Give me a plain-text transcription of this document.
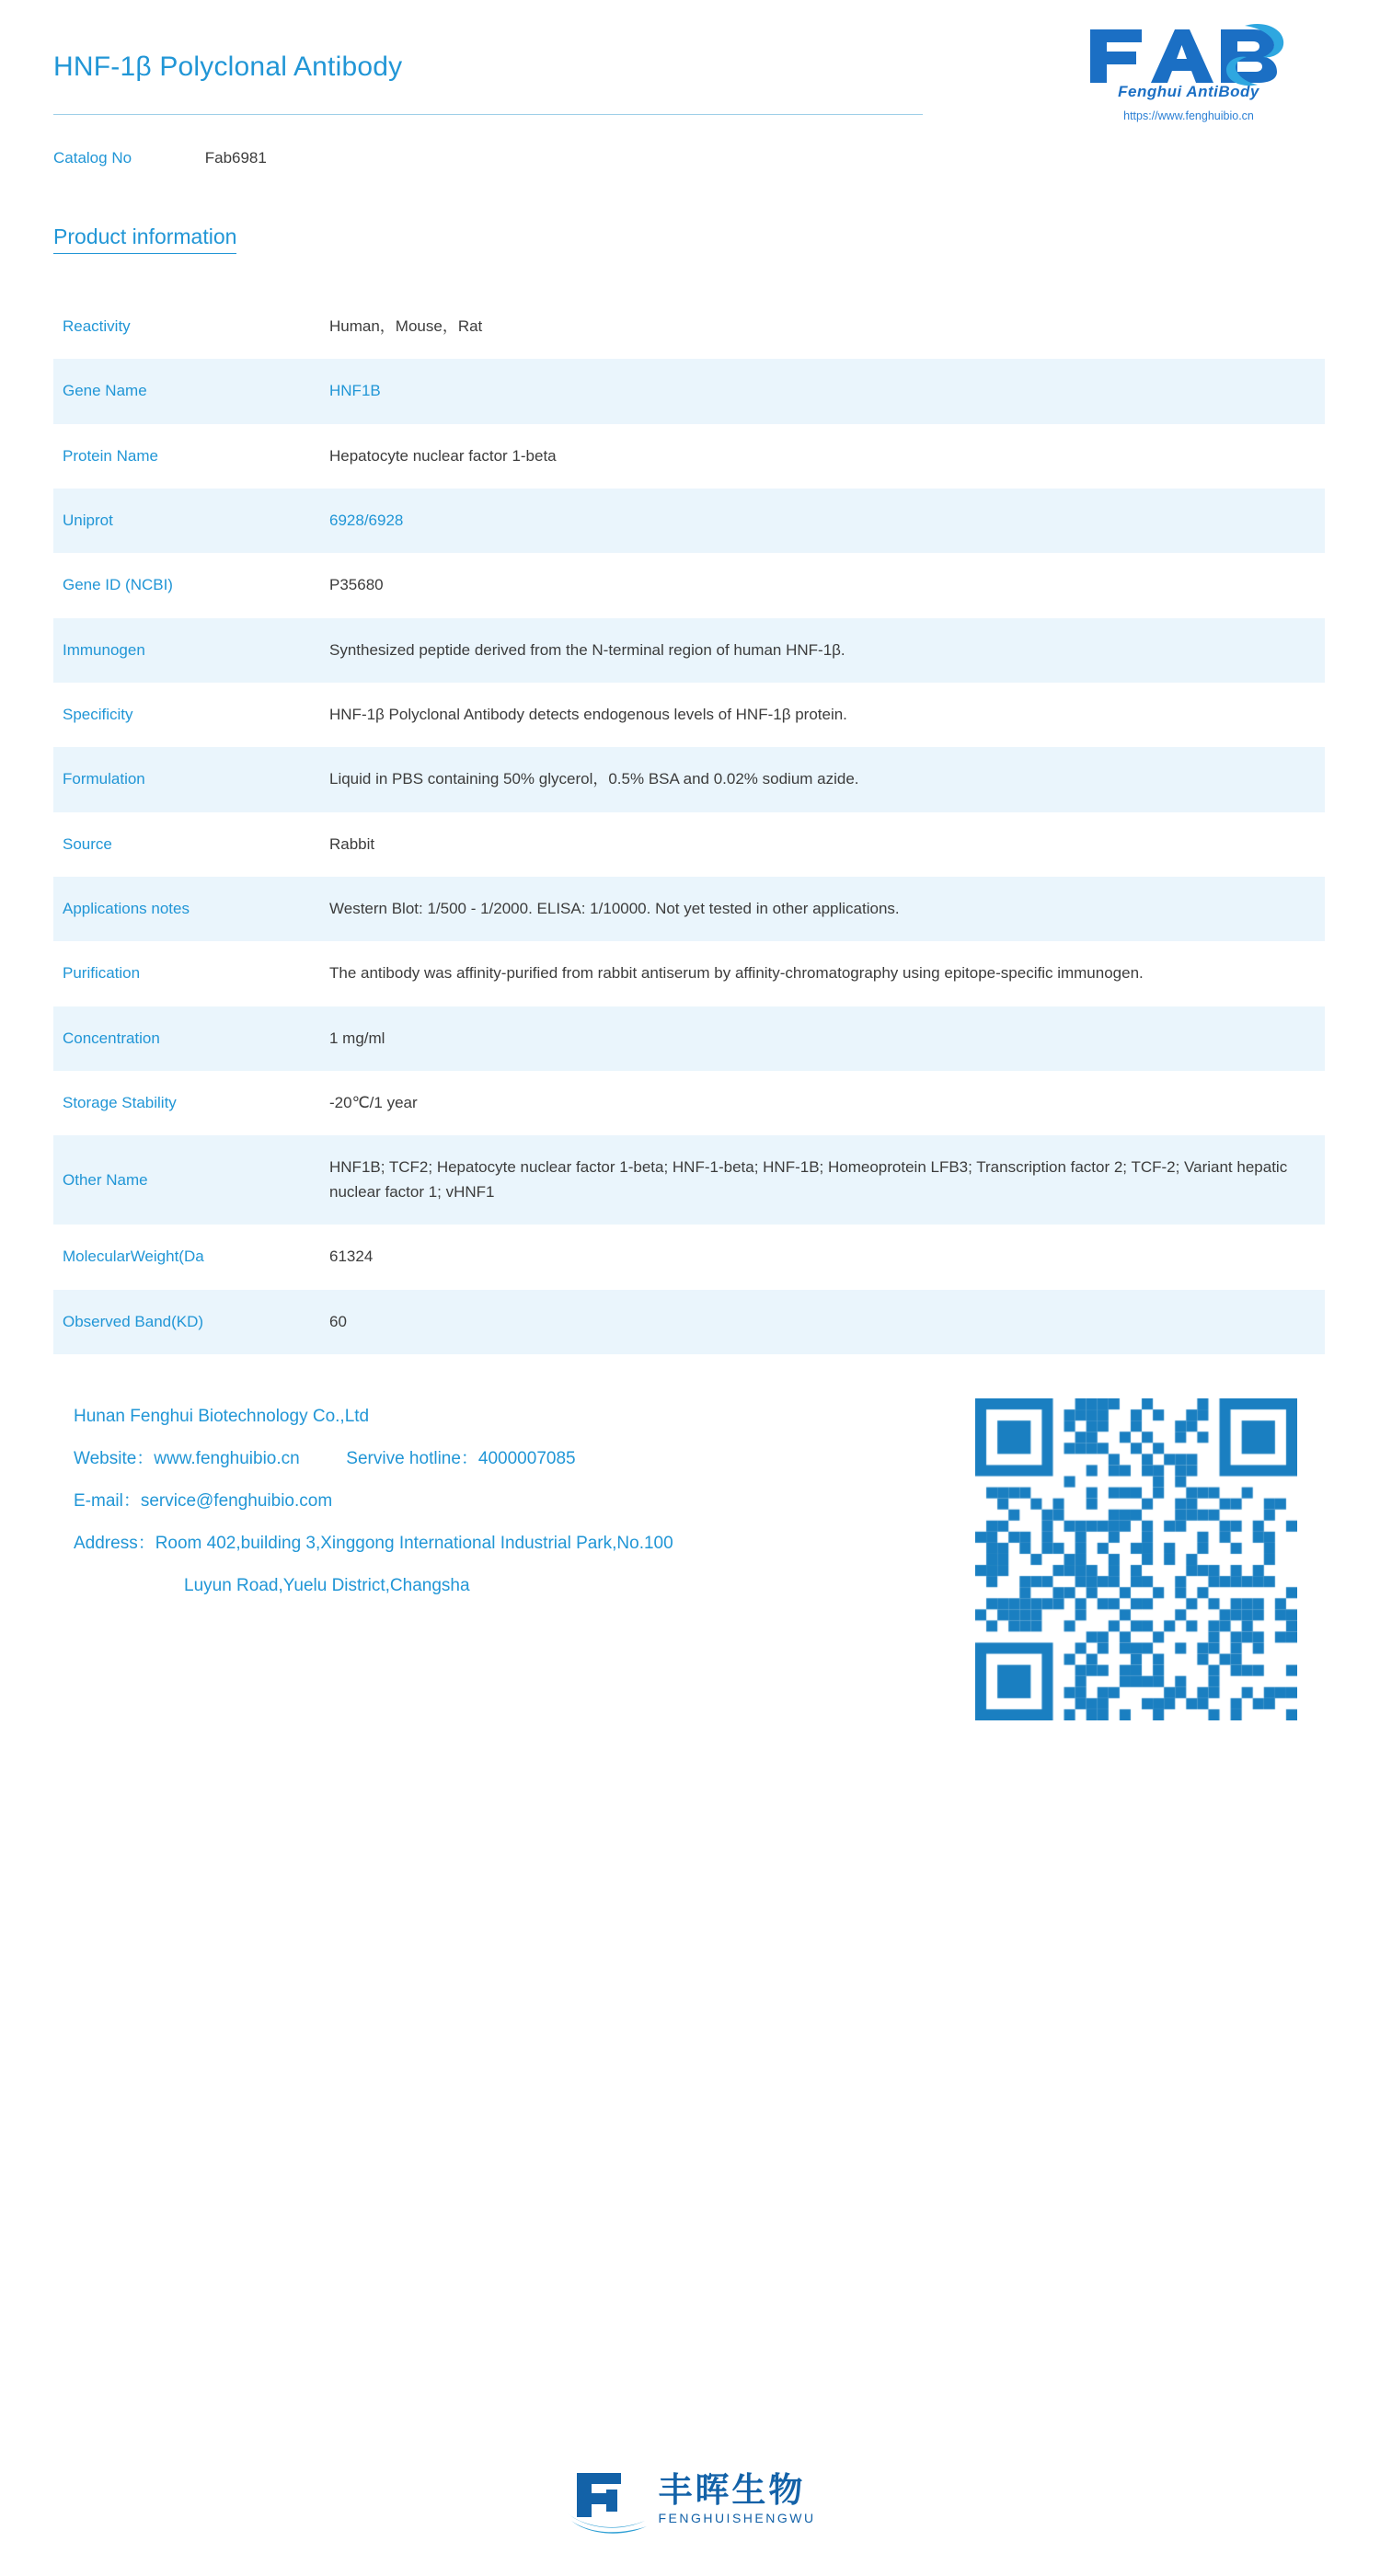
HNF-1β Polyclonal Antibody
Fenghui AntiBody
https://www.fenghuibio.cn
Catalog No	Fab6981
Product information
Reactivity	Human，Mouse，Rat
Gene Name	HNF1B
Protein Name	Hepatocyte nuclear factor 1-beta
Uniprot	6928/6928
Gene ID (NCBI)	P35680
Immunogen	Synthesized peptide derived from the N-terminal region of human HNF-1β.
Specificity	HNF-1β Polyclonal Antibody detects endogenous levels of HNF-1β protein.
Formulation	Liquid in PBS containing 50% glycerol，0.5% BSA and 0.02% sodium azide.
Source	Rabbit
Applications notes	Western Blot: 1/500 - 1/2000. ELISA: 1/10000. Not yet tested in other applications.
Purification	The antibody was affinity-purified from rabbit antiserum by affinity-chromatography using epitope-specific immunogen.
Concentration	1 mg/ml
Storage Stability	-20℃/1 year
Other Name	HNF1B; TCF2; Hepatocyte nuclear factor 1-beta; HNF-1-beta; HNF-1B; Homeoprotein LFB3; Transcription factor 2; TCF-2; Variant hepatic nuclear factor 1; vHNF1
MolecularWeight(Da	61324
Observed Band(KD)	60
Hunan Fenghui Biotechnology Co.,Ltd
Website：www.fenghuibio.cn	Servive hotline：4000007085
E-mail：service@fenghuibio.com
Address：Room 402,building 3,Xinggong International Industrial Park,No.100
Luyun Road,Yuelu District,Changsha
丰晖生物
FENGHUISHENGWU
